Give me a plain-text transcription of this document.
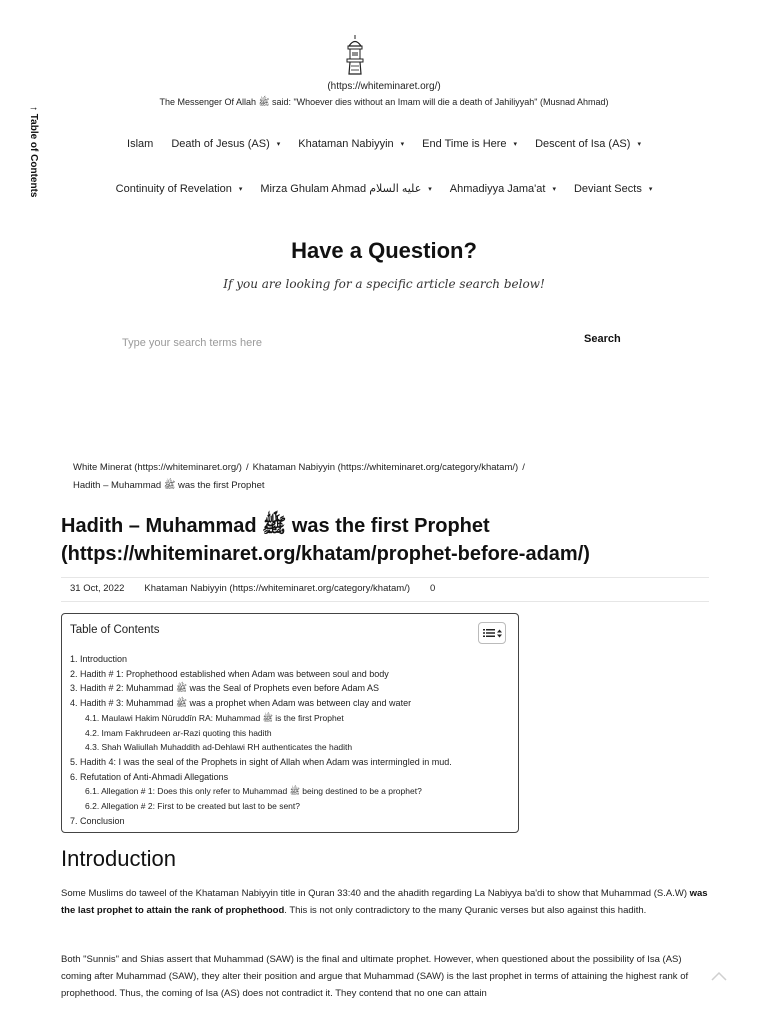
↑ Table of Contents
(https://whiteminaret.org/)
The Messenger Of Allah ﷺ said: "Whoever dies without an Imam will die a death of Jahiliyyah" (Musnad Ahmad)
Islam Death of Jesus (AS) ▾ Khataman Nabiyyin ▾ End Time is Here ▾ Descent of Isa (AS) ▾
Continuity of Revelation ▾ Mirza Ghulam Ahmad عليه السلام ▾ Ahmadiyya Jama'at ▾ Deviant Sects ▾
Have a Question?
If you are looking for a specific article search below!
Type your search terms here
Search
White Minerat (https://whiteminaret.org/) / Khataman Nabiyyin (https://whiteminaret.org/category/khatam/) /
Hadith – Muhammad ﷺ was the first Prophet
Hadith – Muhammad ﷺ was the first Prophet (https://whiteminaret.org/khatam/prophet-before-adam/)
31 Oct, 2022 Khataman Nabiyyin (https://whiteminaret.org/category/khatam/) 0
Table of Contents
1. Introduction
2. Hadith # 1: Prophethood established when Adam was between soul and body
3. Hadith # 2: Muhammad ﷺ was the Seal of Prophets even before Adam AS
4. Hadith # 3: Muhammad ﷺ was a prophet when Adam was between clay and water
4.1. Maulawi Hakim Nūruddīn RA: Muhammad ﷺ is the first Prophet
4.2. Imam Fakhrudeen ar-Razi quoting this hadith
4.3. Shah Waliullah Muhaddith ad-Dehlawi RH authenticates the hadith
5. Hadith 4: I was the seal of the Prophets in sight of Allah when Adam was intermingled in mud.
6. Refutation of Anti-Ahmadi Allegations
6.1. Allegation # 1: Does this only refer to Muhammad ﷺ being destined to be a prophet?
6.2. Allegation # 2: First to be created but last to be sent?
7. Conclusion
Introduction

Some Muslims do taweel of the Khataman Nabiyyin title in Quran 33:40 and the ahadith regarding La Nabiyya ba'di to show that Muhammad (S.A.W) was the last prophet to attain the rank of prophethood. This is not only contradictory to the many Quranic verses but also against this hadith.

Both "Sunnis" and Shias assert that Muhammad (SAW) is the final and ultimate prophet. However, when questioned about the possibility of Isa (AS) coming after Muhammad (SAW), they alter their position and argue that Muhammad (SAW) is the last prophet in terms of attaining the highest rank of prophethood. Thus, the coming of Isa (AS) does not contradict it. They contend that no one can attain
